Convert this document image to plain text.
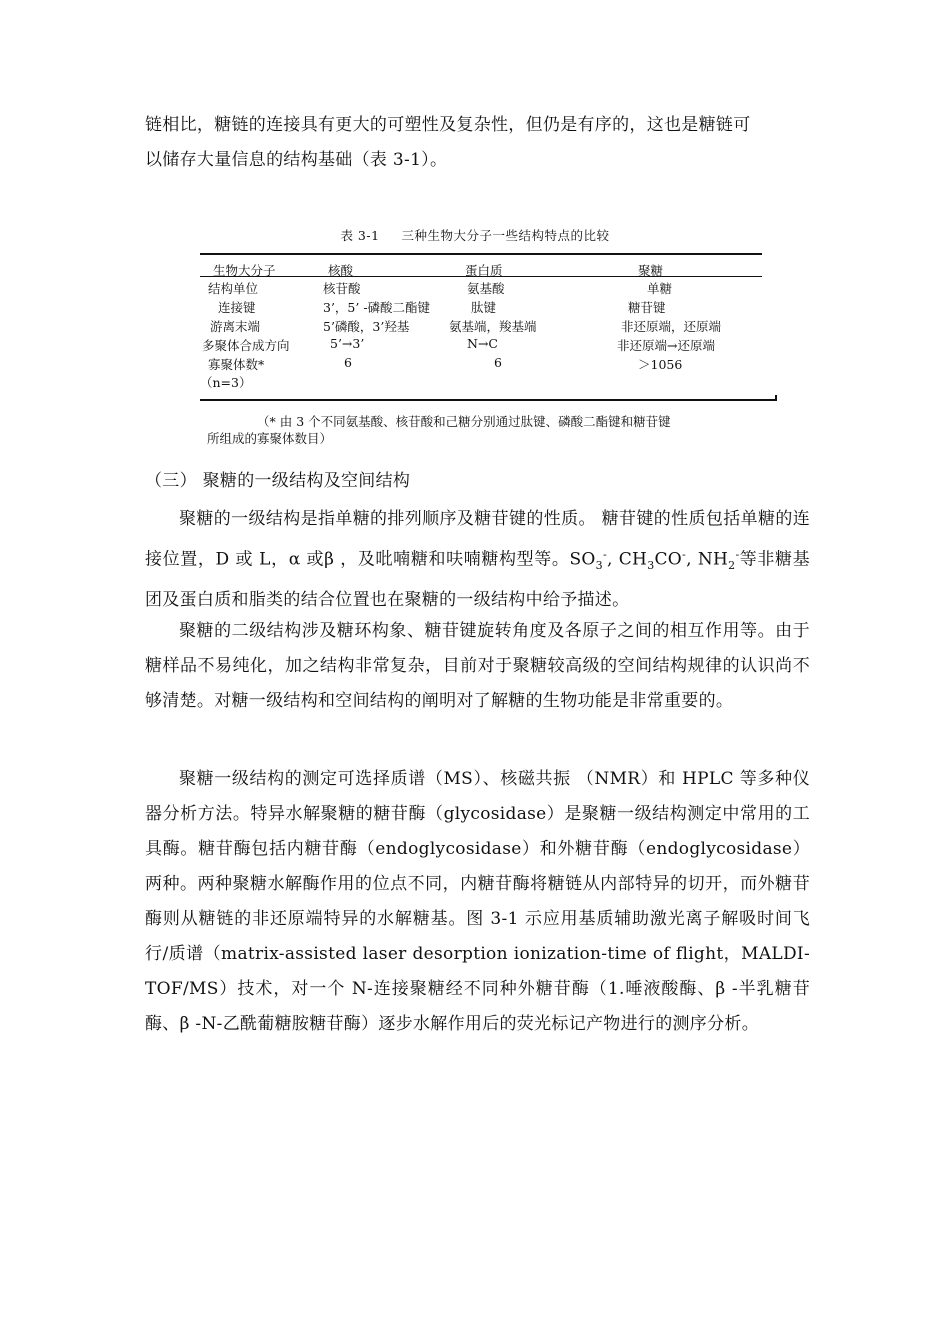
链相比，糖链的连接具有更大的可塑性及复杂性，但仍是有序的，这也是糖链可
以储存大量信息的结构基础（表 3-1）。

表 3-1 三种生物大分子一些结构特点的比较
生物大分子	核酸	蛋白质	聚糖
结构单位	核苷酸	氨基酸	单糖
连接键	3’，5’ -磷酸二酯键	肽键	糖苷键
游离末端	5’磷酸，3’羟基	氨基端，羧基端	非还原端，还原端
多聚体合成方向	5’→3’	N→C	非还原端→还原端
寡聚体数*	6	6	＞1056
（n=3）
（* 由 3 个不同氨基酸、核苷酸和己糖分别通过肽键、磷酸二酯键和糖苷键
所组成的寡聚体数目）
（三） 聚糖的一级结构及空间结构

聚糖的一级结构是指单糖的排列顺序及糖苷键的性质。 糖苷键的性质包括单糖的连接位置，D 或 L，α 或β ，及吡喃糖和呋喃糖构型等。$SO_3^-$, $CH_3CO^-$, $NH_2^-$等非糖基团及蛋白质和脂类的结合位置也在聚糖的一级结构中给予描述。

聚糖的二级结构涉及糖环构象、糖苷键旋转角度及各原子之间的相互作用等。由于糖样品不易纯化，加之结构非常复杂，目前对于聚糖较高级的空间结构规律的认识尚不够清楚。对糖一级结构和空间结构的阐明对了解糖的生物功能是非常重要的。

聚糖一级结构的测定可选择质谱（MS）、核磁共振 （NMR）和 HPLC 等多种仪器分析方法。特异水解聚糖的糖苷酶（glycosidase）是聚糖一级结构测定中常用的工具酶。糖苷酶包括内糖苷酶（endoglycosidase）和外糖苷酶（endoglycosidase）两种。两种聚糖水解酶作用的位点不同，内糖苷酶将糖链从内部特异的切开，而外糖苷酶则从糖链的非还原端特异的水解糖基。图 3-1 示应用基质辅助激光离子解吸时间飞行/质谱（matrix-assisted laser desorption ionization-time of flight，MALDI-TOF/MS）技术，对一个 N-连接聚糖经不同种外糖苷酶（1.唾液酸酶、β -半乳糖苷酶、β -N-乙酰葡糖胺糖苷酶）逐步水解作用后的荧光标记产物进行的测序分析。
